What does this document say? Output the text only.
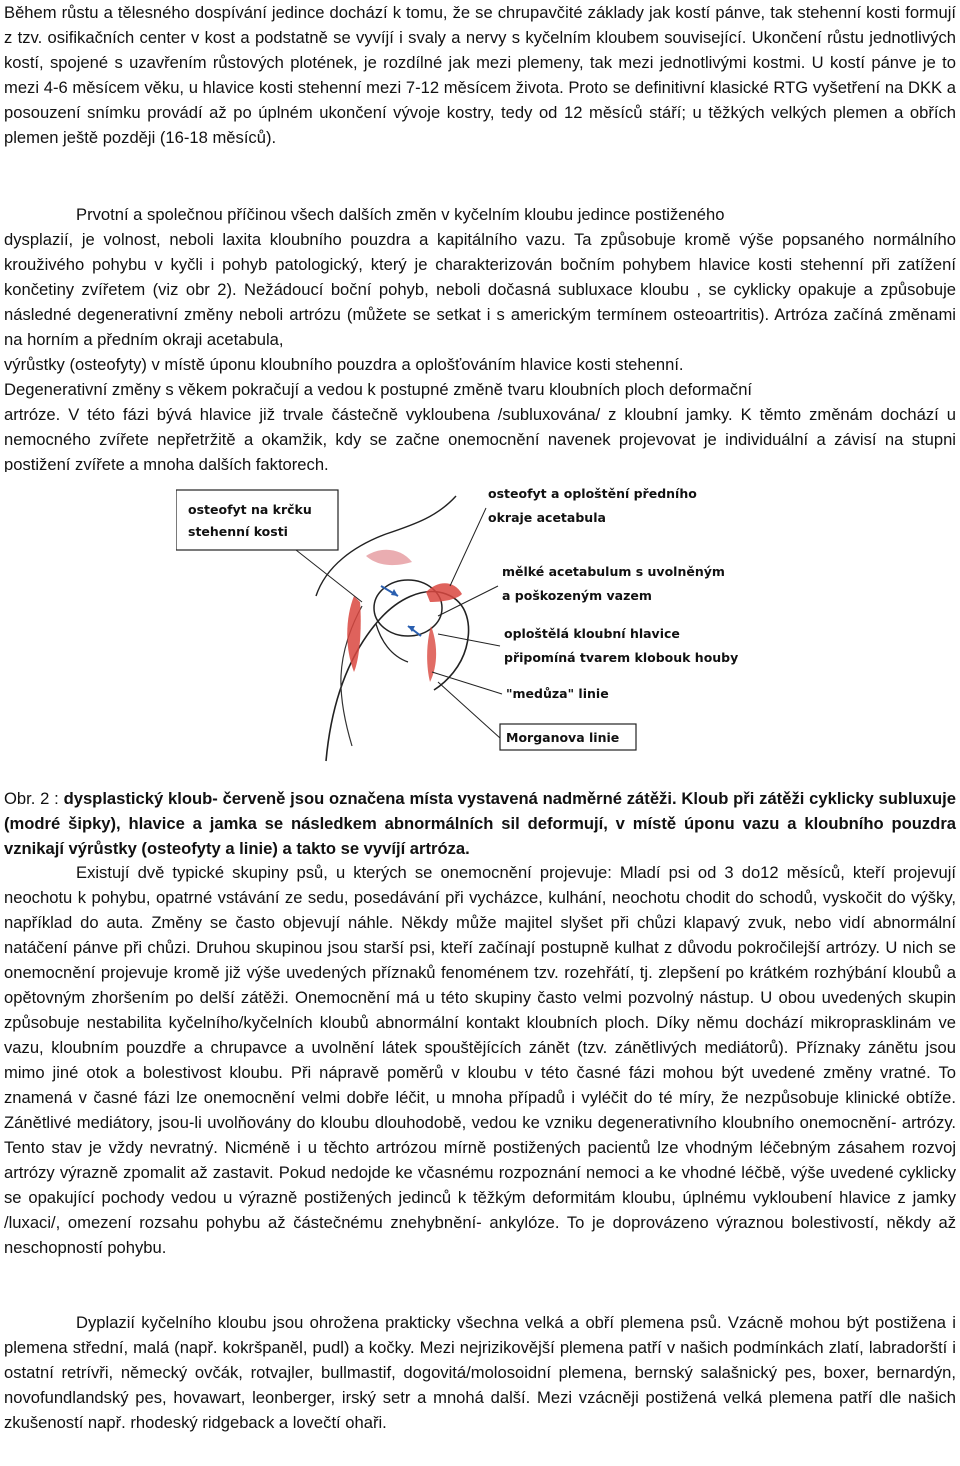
Během růstu a tělesného dospívání jedince dochází k tomu, že se chrupavčité základy jak kostí pánve, tak stehenní kosti formují z tzv. osifikačních center v kost a podstatně se vyvíjí i svaly a nervy s kyčelním kloubem související. Ukončení růstu jednotlivých kostí, spojené s uzavřením růstových plotének, je rozdílné jak mezi plemeny, tak mezi jednotlivými kostmi. U kostí pánve je to mezi 4-6 měsícem věku, u hlavice kosti stehenní mezi 7-12 měsícem života. Proto se definitivní klasické RTG vyšetření na DKK a posouzení snímku provádí až po úplném ukončení vývoje kostry, tedy od 12 měsíců stáří; u těžkých velkých plemen a obřích plemen ještě později (16-18 měsíců).

Prvotní a společnou příčinou všech dalších změn v kyčelním kloubu jedince postiženého

dysplazií, je volnost, neboli laxita kloubního pouzdra a kapitálního vazu. Ta způsobuje kromě výše popsaného normálního krouživého pohybu v kyčli i pohyb patologický, který je charakterizován bočním pohybem hlavice kosti stehenní při zatížení končetiny zvířetem (viz obr 2). Nežádoucí boční pohyb, neboli dočasná subluxace kloubu , se cyklicky opakuje a způsobuje následné degenerativní změny neboli artrózu (můžete se setkat i s americkým termínem osteoartritis). Artróza začíná změnami na horním a předním okraji acetabula,

výrůstky (osteofyty) v místě úponu kloubního pouzdra a oplošťováním hlavice kosti stehenní.

Degenerativní změny s věkem pokračují a vedou k postupné změně tvaru kloubních ploch deformační

artróze. V této fázi bývá hlavice již trvale částečně vykloubena /subluxována/ z kloubní jamky. K těmto změnám dochází u nemocného zvířete nepřetržitě a okamžik, kdy se začne onemocnění navenek projevovat je individuální a závisí na stupni postižení zvířete a mnoha dalších faktorech.

osteofyt na krčku
stehenní kosti
osteofyt a oploštění předního
okraje acetabula
mělké acetabulum s uvolněným
a poškozeným vazem
oploštělá kloubní hlavice
připomíná tvarem klobouk houby
"medůza" linie
Morganova linie

Obr. 2 : dysplastický kloub- červeně jsou označena místa vystavená nadměrné zátěži. Kloub při zátěži cyklicky subluxuje (modré šipky), hlavice a jamka se následkem abnormálních sil deformují, v místě úponu vazu a kloubního pouzdra vznikají výrůstky (osteofyty a linie) a takto se vyvíjí artróza.

Existují dvě typické skupiny psů, u kterých se onemocnění projevuje: Mladí psi od 3 do12 měsíců, kteří projevují neochotu k pohybu, opatrné vstávání ze sedu, posedávání při vycházce, kulhání, neochotu chodit do schodů, vyskočit do výšky, například do auta. Změny se často objevují náhle. Někdy může majitel slyšet při chůzi klapavý zvuk, nebo vidí abnormální natáčení pánve při chůzi. Druhou skupinou jsou starší psi, kteří začínají postupně kulhat z důvodu pokročilejší artrózy. U nich se onemocnění projevuje kromě již výše uvedených příznaků fenoménem tzv. rozehřátí, tj. zlepšení po krátkém rozhýbání kloubů a opětovným zhoršením po delší zátěži. Onemocnění má u této skupiny často velmi pozvolný nástup. U obou uvedených skupin způsobuje nestabilita kyčelního/kyčelních kloubů abnormální kontakt kloubních ploch. Díky němu dochází mikroprasklinám ve vazu, kloubním pouzdře a chrupavce a uvolnění látek spouštějících zánět (tzv. zánětlivých mediátorů). Příznaky zánětu jsou mimo jiné otok a bolestivost kloubu. Při nápravě poměrů v kloubu v této časné fázi mohou být uvedené změny vratné. To znamená v časné fázi lze onemocnění velmi dobře léčit, u mnoha případů i vyléčit do té míry, že nezpůsobuje klinické obtíže. Zánětlivé mediátory, jsou-li uvolňovány do kloubu dlouhodobě, vedou ke vzniku degenerativního kloubního onemocnění- artrózy. Tento stav je vždy nevratný. Nicméně i u těchto artrózou mírně postižených pacientů lze vhodným léčebným zásahem rozvoj artrózy výrazně zpomalit až zastavit. Pokud nedojde ke včasnému rozpoznání nemoci a ke vhodné léčbě, výše uvedené cyklicky se opakující pochody vedou u výrazně postižených jedinců k těžkým deformitám kloubu, úplnému vykloubení hlavice z jamky /luxaci/, omezení rozsahu pohybu až částečnému znehybnění- ankylóze. To je doprovázeno výraznou bolestivostí, někdy až neschopností pohybu.

Dyplazií kyčelního kloubu jsou ohrožena prakticky všechna velká a obří plemena psů. Vzácně mohou být postižena i plemena střední, malá (např. kokršpaněl, pudl) a kočky. Mezi nejrizikovější plemena patří v našich podmínkách zlatí, labradorští i ostatní retrívři, německý ovčák, rotvajler, bullmastif, dogovitá/molosoidní plemena, bernský salašnický pes, boxer, bernardýn, novofundlandský pes, hovawart, leonberger, irský setr a mnohá další. Mezi vzácněji postižená velká plemena patří dle našich zkušeností např. rhodeský ridgeback a lovečtí ohaři.
